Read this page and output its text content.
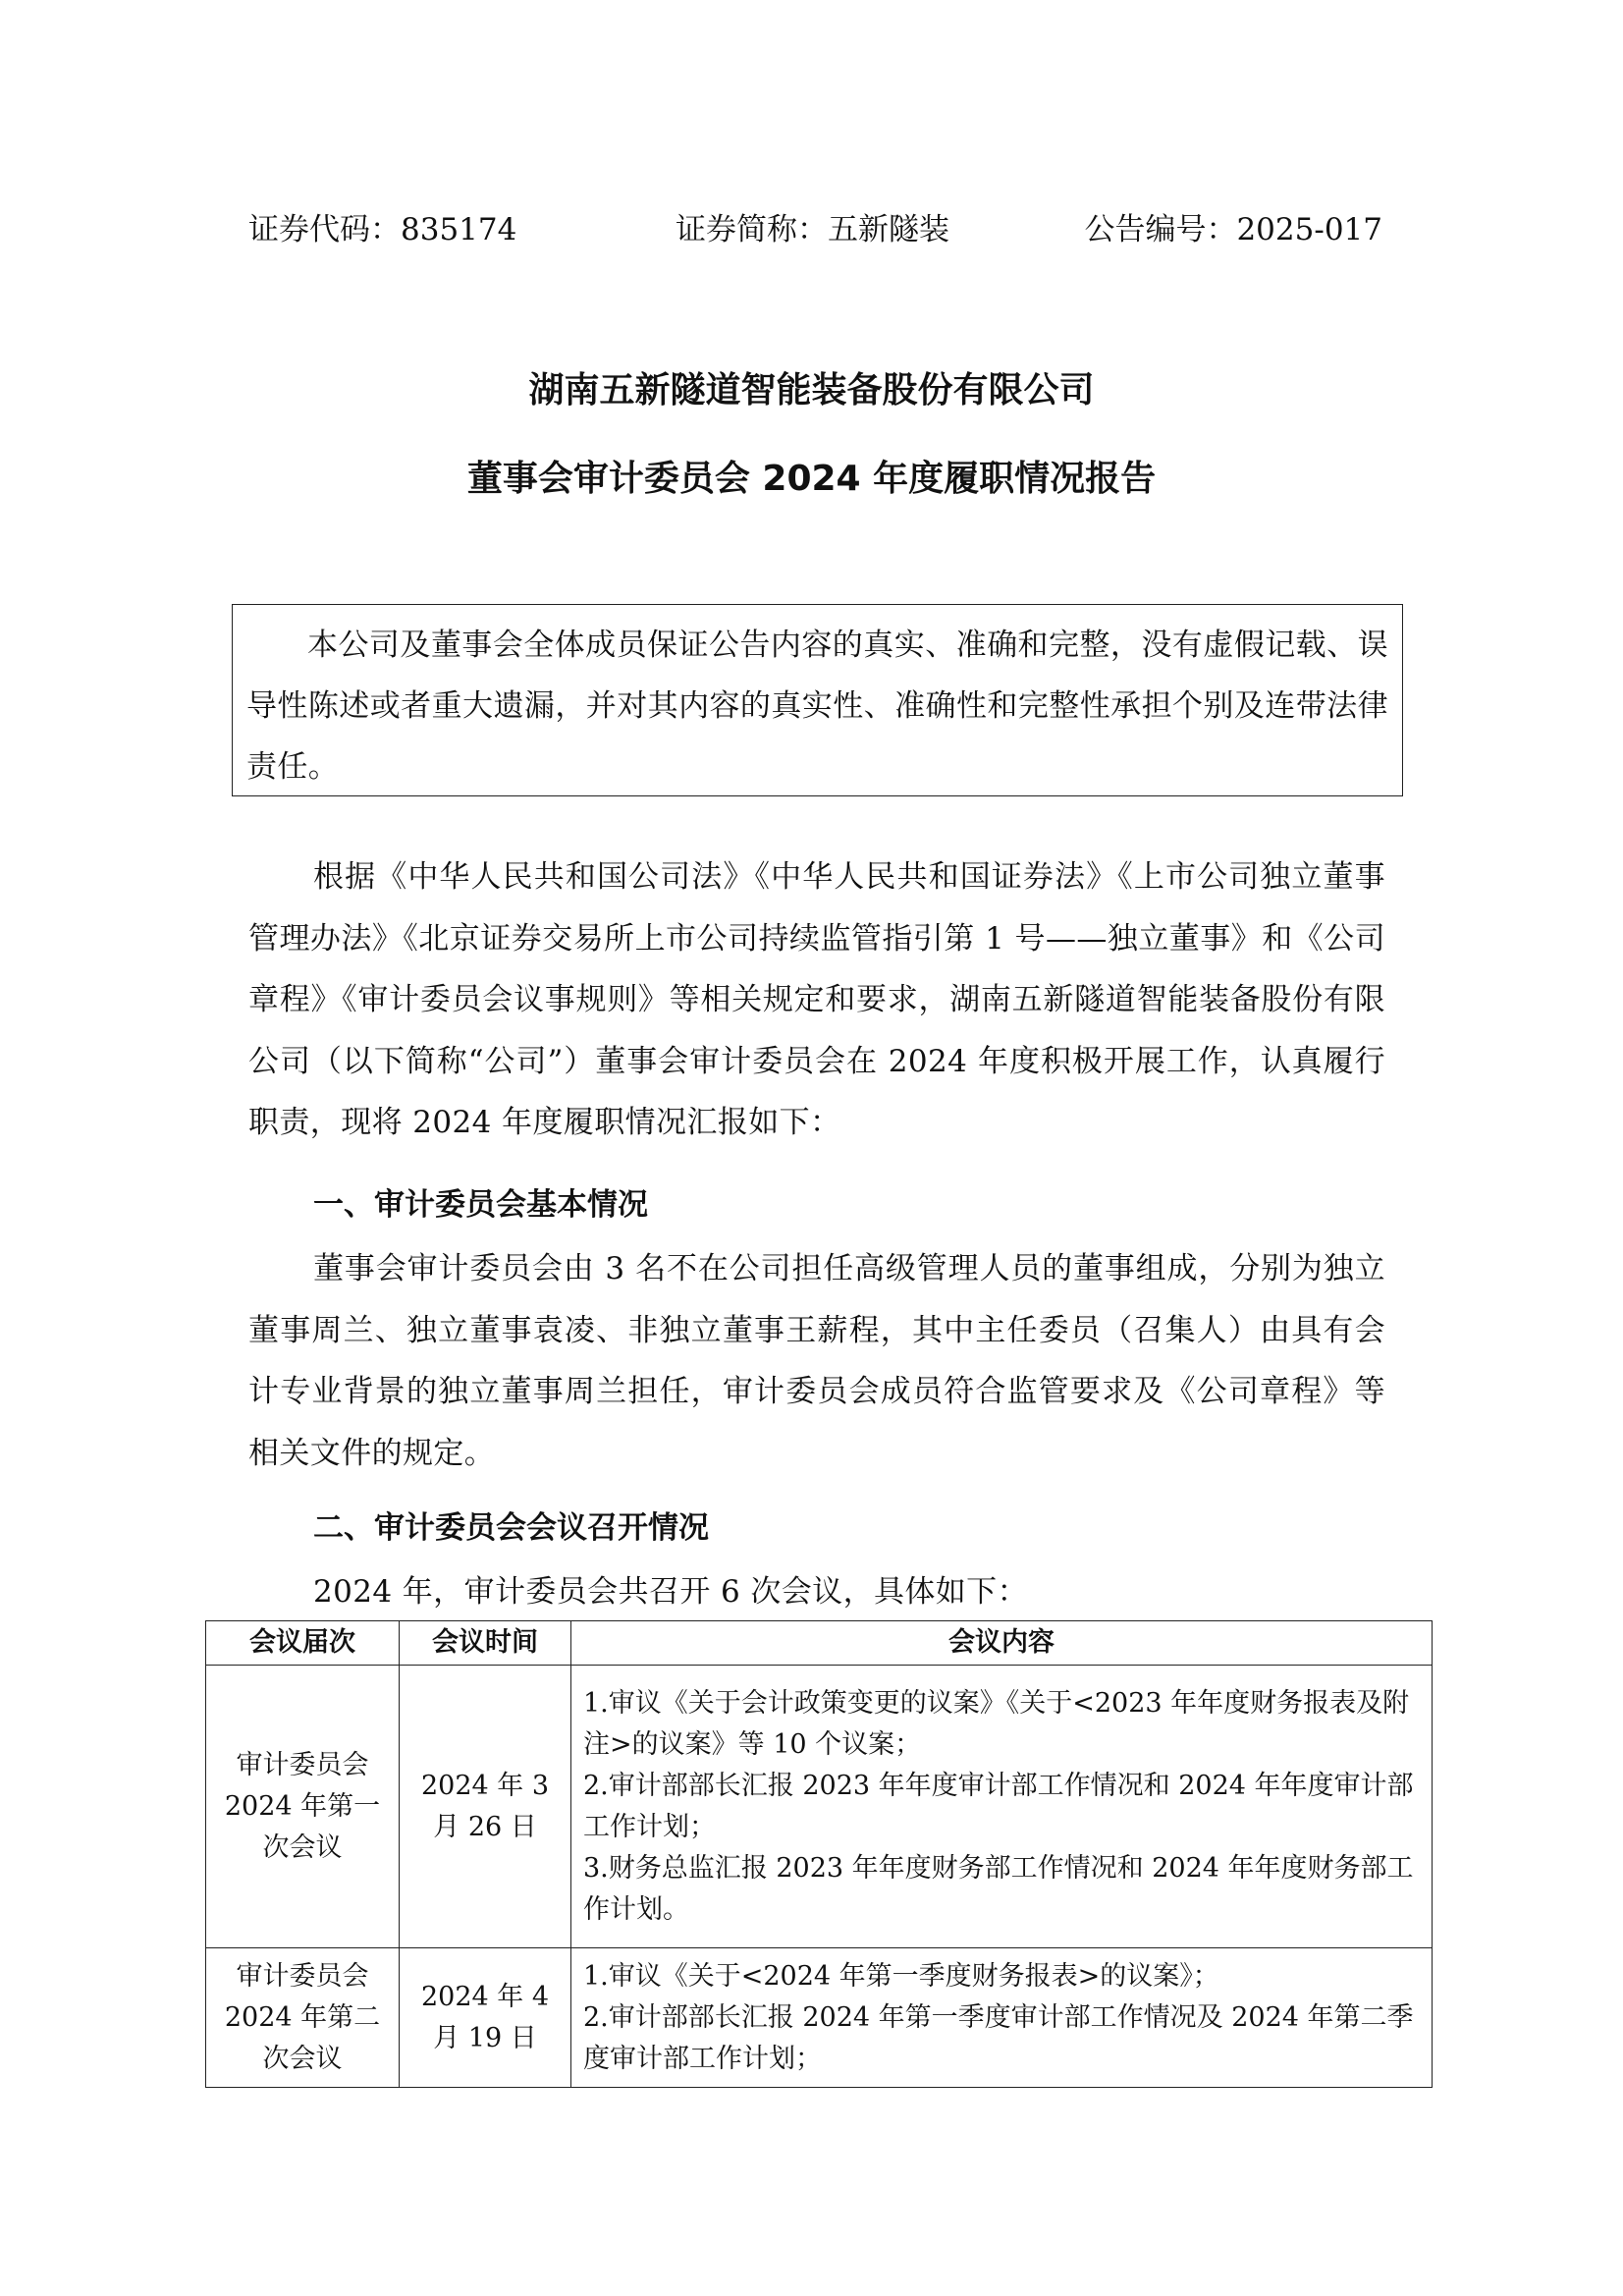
证券代码：835174	证券简称：五新隧装	公告编号：2025-017
湖南五新隧道智能装备股份有限公司
董事会审计委员会 2024 年度履职情况报告
本公司及董事会全体成员保证公告内容的真实、准确和完整，没有虚假记载、误导性陈述或者重大遗漏，并对其内容的真实性、准确性和完整性承担个别及连带法律责任。

根据《中华人民共和国公司法》《中华人民共和国证券法》《上市公司独立董事管理办法》《北京证券交易所上市公司持续监管指引第 1 号——独立董事》和《公司章程》《审计委员会议事规则》等相关规定和要求，湖南五新隧道智能装备股份有限公司（以下简称“公司”）董事会审计委员会在 2024 年度积极开展工作，认真履行职责，现将 2024 年度履职情况汇报如下：

一、审计委员会基本情况

董事会审计委员会由 3 名不在公司担任高级管理人员的董事组成，分别为独立董事周兰、独立董事袁凌、非独立董事王薪程，其中主任委员（召集人）由具有会计专业背景的独立董事周兰担任，审计委员会成员符合监管要求及《公司章程》等相关文件的规定。

二、审计委员会会议召开情况

2024 年，审计委员会共召开 6 次会议，具体如下：

会议届次	会议时间	会议内容
审计委员会 2024 年第一次会议	2024 年 3 月 26 日	1.审议《关于会计政策变更的议案》《关于<2023 年年度财务报表及附注>的议案》等 10 个议案；
2.审计部部长汇报 2023 年年度审计部工作情况和 2024 年年度审计部工作计划；
3.财务总监汇报 2023 年年度财务部工作情况和 2024 年年度财务部工作计划。

审计委员会 2024 年第二次会议	2024 年 4 月 19 日	1.审议《关于<2024 年第一季度财务报表>的议案》；
2.审计部部长汇报 2024 年第一季度审计部工作情况及 2024 年第二季度审计部工作计划；
